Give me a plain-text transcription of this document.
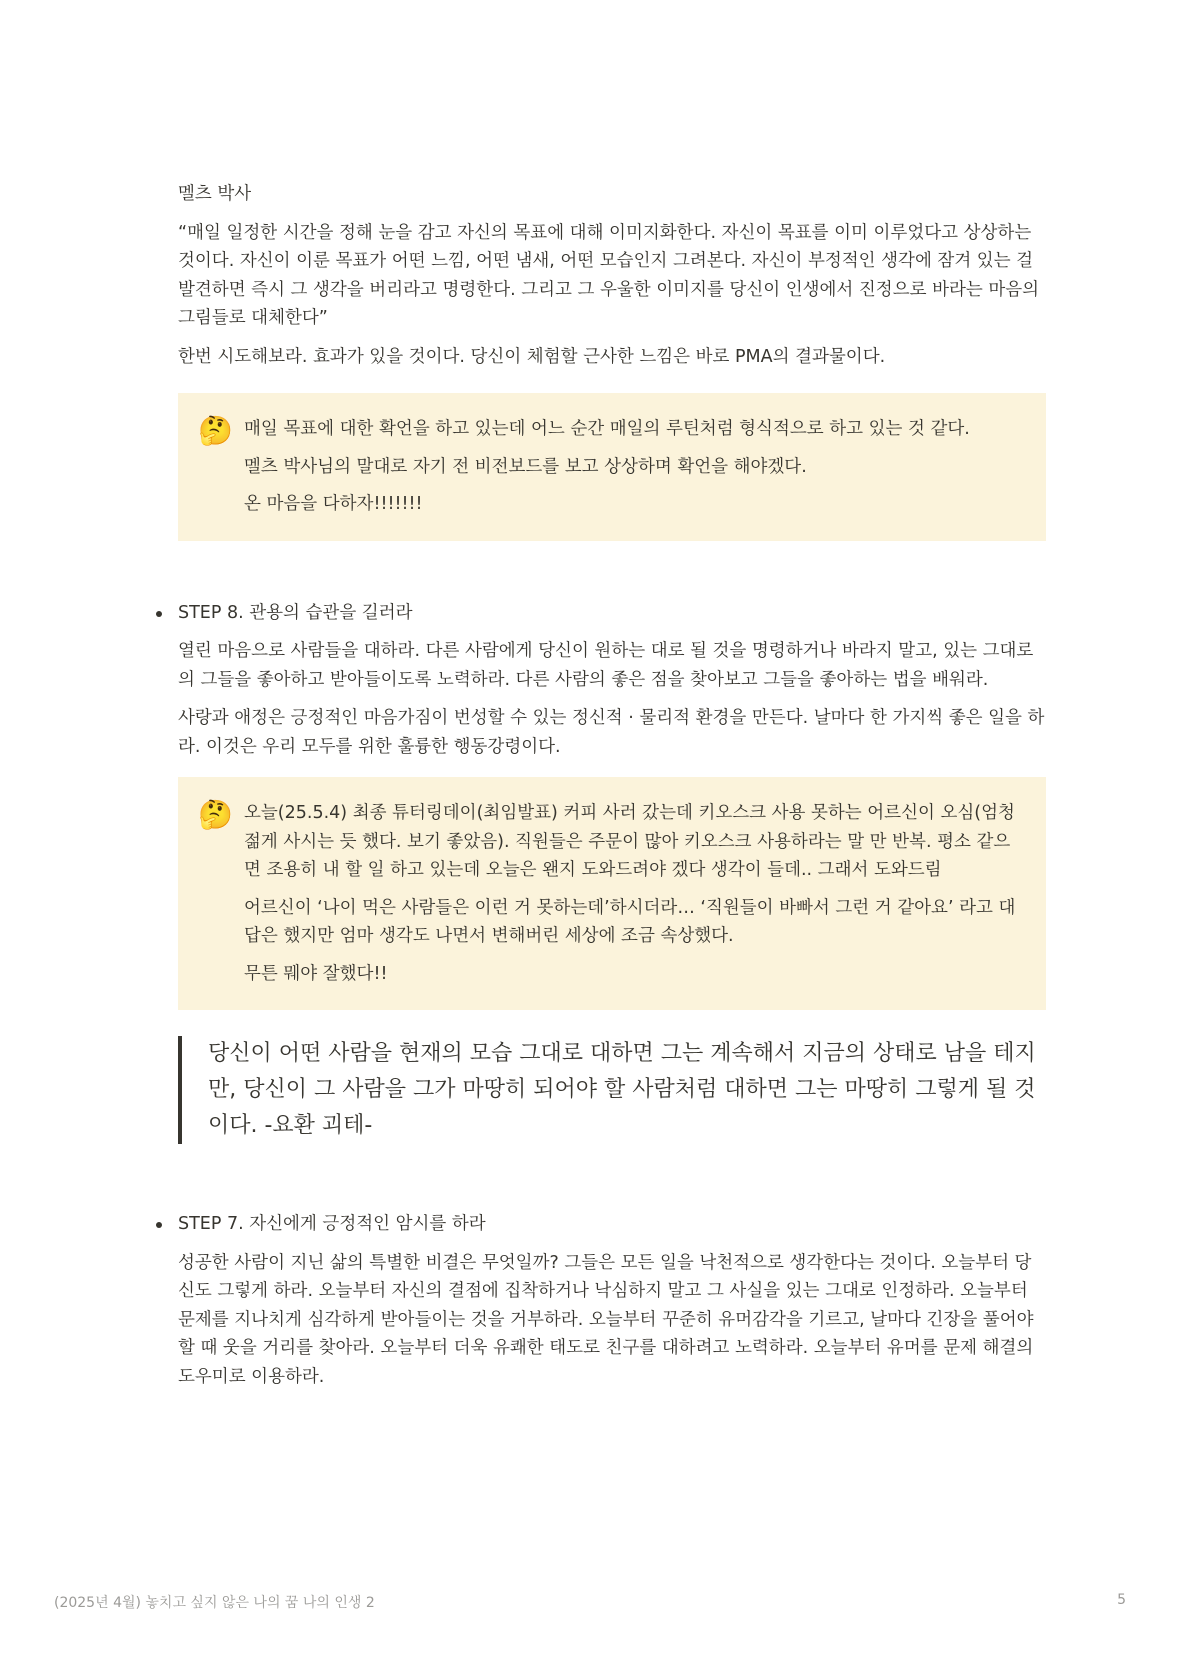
멜츠 박사

“매일 일정한 시간을 정해 눈을 감고 자신의 목표에 대해 이미지화한다. 자신이 목표를 이미 이루었다고 상상하는 것이다. 자신이 이룬 목표가 어떤 느낌, 어떤 냄새, 어떤 모습인지 그려본다. 자신이 부정적인 생각에 잠겨 있는 걸 발견하면 즉시 그 생각을 버리라고 명령한다. 그리고 그 우울한 이미지를 당신이 인생에서 진정으로 바라는 마음의 그림들로 대체한다”

한번 시도해보라. 효과가 있을 것이다. 당신이 체험할 근사한 느낌은 바로 PMA의 결과물이다.

🤔 매일 목표에 대한 확언을 하고 있는데 어느 순간 매일의 루틴처럼 형식적으로 하고 있는 것 같다.

멜츠 박사님의 말대로 자기 전 비전보드를 보고 상상하며 확언을 해야겠다.

온 마음을 다하자!!!!!!!

STEP 8. 관용의 습관을 길러라

열린 마음으로 사람들을 대하라. 다른 사람에게 당신이 원하는 대로 될 것을 명령하거나 바라지 말고, 있는 그대로의 그들을 좋아하고 받아들이도록 노력하라. 다른 사람의 좋은 점을 찾아보고 그들을 좋아하는 법을 배워라.

사랑과 애정은 긍정적인 마음가짐이 번성할 수 있는 정신적 · 물리적 환경을 만든다. 날마다 한 가지씩 좋은 일을 하라. 이것은 우리 모두를 위한 훌륭한 행동강령이다.

🤔 오늘(25.5.4) 최종 튜터링데이(최임발표) 커피 사러 갔는데 키오스크 사용 못하는 어르신이 오심(엄청 젊게 사시는 듯 했다. 보기 좋았음). 직원들은 주문이 많아 키오스크 사용하라는 말 만 반복. 평소 같으면 조용히 내 할 일 하고 있는데 오늘은 왠지 도와드려야 겠다 생각이 들데.. 그래서 도와드림

어르신이 ‘나이 먹은 사람들은 이런 거 못하는데’하시더라… ‘직원들이 바빠서 그런 거 같아요’ 라고 대답은 했지만 엄마 생각도 나면서 변해버린 세상에 조금 속상했다.

무튼 뭬야 잘했다!!

당신이 어떤 사람을 현재의 모습 그대로 대하면 그는 계속해서 지금의 상태로 남을 테지만, 당신이 그 사람을 그가 마땅히 되어야 할 사람처럼 대하면 그는 마땅히 그렇게 될 것이다. -요환 괴테-

STEP 7. 자신에게 긍정적인 암시를 하라

성공한 사람이 지닌 삶의 특별한 비결은 무엇일까? 그들은 모든 일을 낙천적으로 생각한다는 것이다. 오늘부터 당신도 그렇게 하라. 오늘부터 자신의 결점에 집착하거나 낙심하지 말고 그 사실을 있는 그대로 인정하라. 오늘부터 문제를 지나치게 심각하게 받아들이는 것을 거부하라. 오늘부터 꾸준히 유머감각을 기르고, 날마다 긴장을 풀어야 할 때 웃을 거리를 찾아라. 오늘부터 더욱 유쾌한 태도로 친구를 대하려고 노력하라. 오늘부터 유머를 문제 해결의 도우미로 이용하라.

(2025년 4월) 놓치고 싶지 않은 나의 꿈 나의 인생 2	5
